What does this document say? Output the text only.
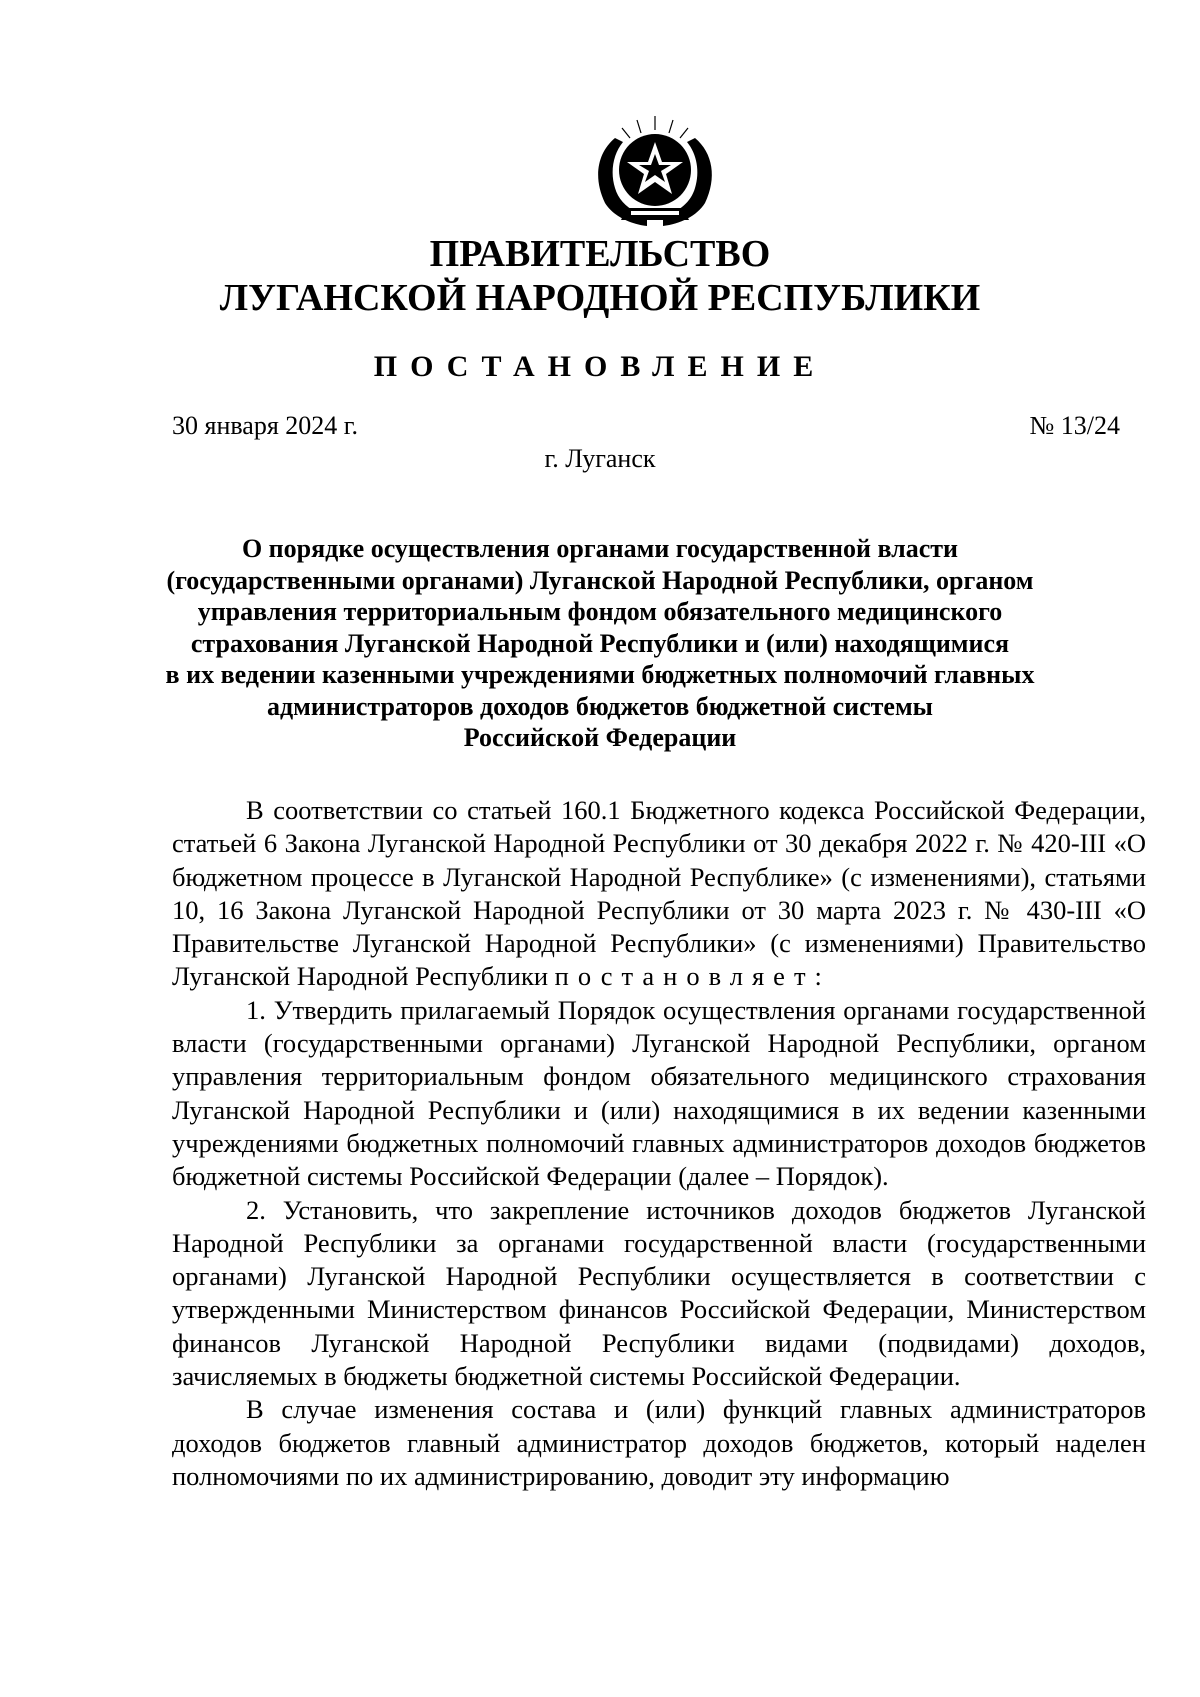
ПРАВИТЕЛЬСТВО
ЛУГАНСКОЙ НАРОДНОЙ РЕСПУБЛИКИ
ПОСТАНОВЛЕНИЕ
30 января 2024 г.	№ 13/24
г. Луганск
О порядке осуществления органами государственной власти
(государственными органами) Луганской Народной Республики, органом
управления территориальным фондом обязательного медицинского
страхования Луганской Народной Республики и (или) находящимися
в их ведении казенными учреждениями бюджетных полномочий главных
администраторов доходов бюджетов бюджетной системы
Российской Федерации

В соответствии со статьей 160.1 Бюджетного кодекса Российской Федерации, статьей 6 Закона Луганской Народной Республики от 30 декабря 2022 г. № 420-III «О бюджетном процессе в Луганской Народной Республике» (с изменениями), статьями 10, 16 Закона Луганской Народной Республики от 30 марта 2023 г. № 430-III «О Правительстве Луганской Народной Республики» (с изменениями) Правительство Луганской Народной Республики постановляет:

1. Утвердить прилагаемый Порядок осуществления органами государственной власти (государственными органами) Луганской Народной Республики, органом управления территориальным фондом обязательного медицинского страхования Луганской Народной Республики и (или) находящимися в их ведении казенными учреждениями бюджетных полномочий главных администраторов доходов бюджетов бюджетной системы Российской Федерации (далее – Порядок).

2. Установить, что закрепление источников доходов бюджетов Луганской Народной Республики за органами государственной власти (государственными органами) Луганской Народной Республики осуществляется в соответствии с утвержденными Министерством финансов Российской Федерации, Министерством финансов Луганской Народной Республики видами (подвидами) доходов, зачисляемых в бюджеты бюджетной системы Российской Федерации.

В случае изменения состава и (или) функций главных администраторов доходов бюджетов главный администратор доходов бюджетов, который наделен полномочиями по их администрированию, доводит эту информацию
